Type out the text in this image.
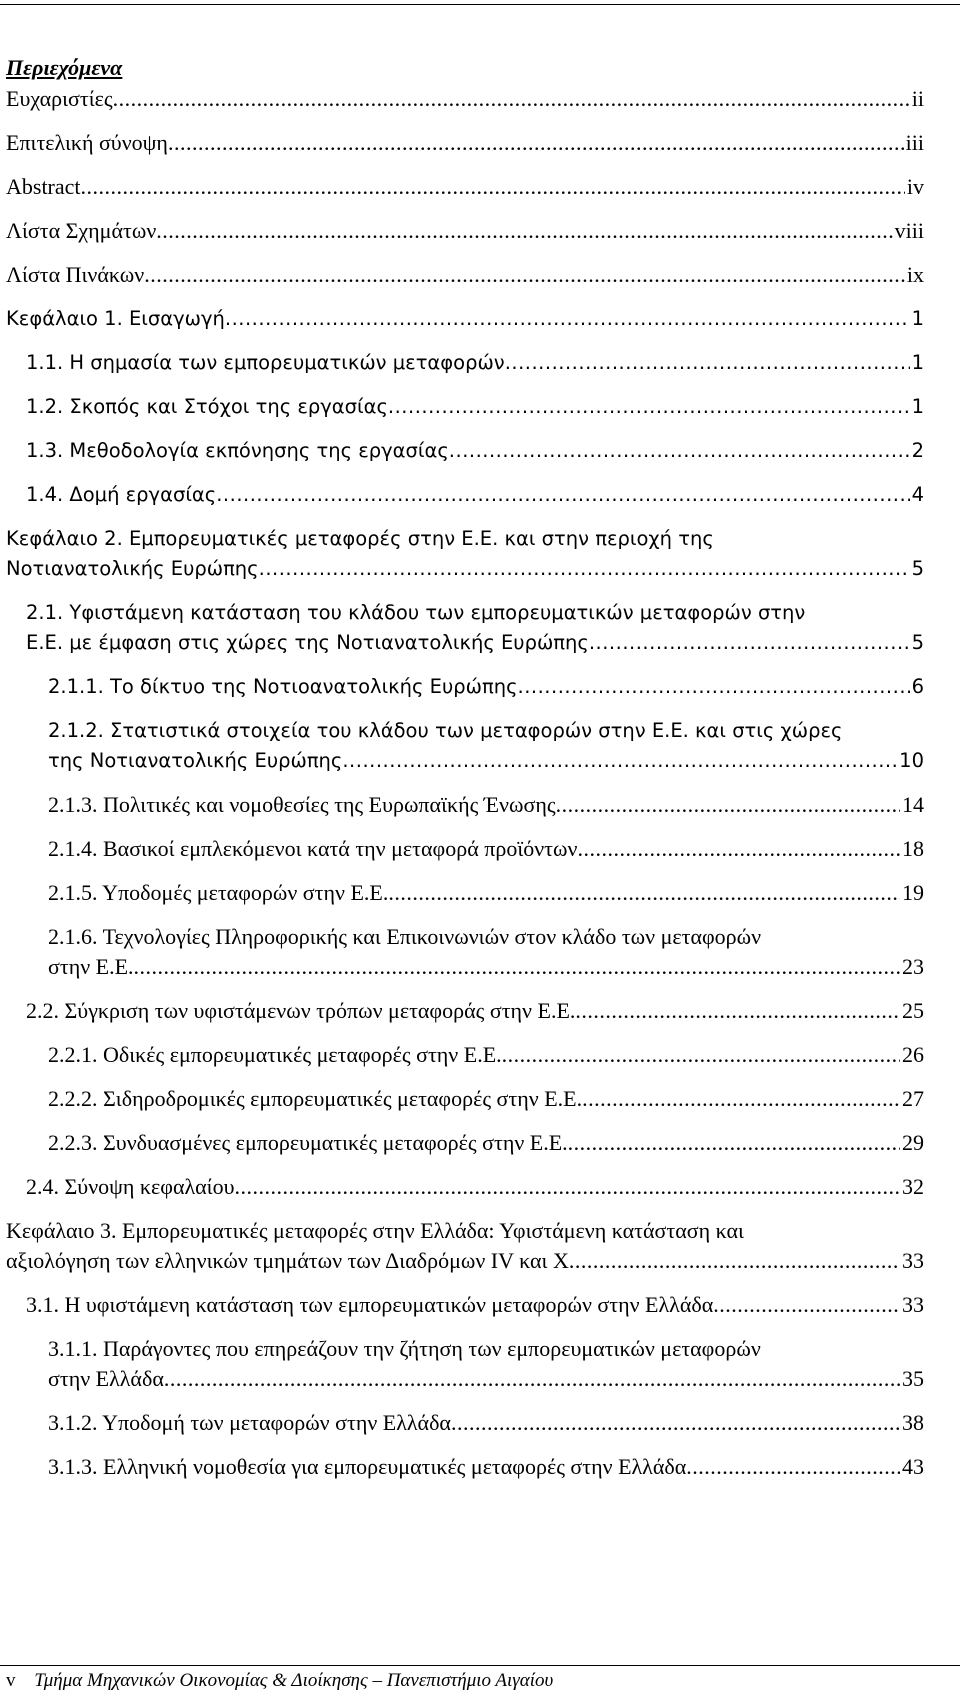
Περιεχόμενα
Ευχαριστίες .....	ii
Επιτελική σύνοψη .....	iii
Abstract .....	iv
Λίστα Σχημάτων .....	viii
Λίστα Πινάκων .....	ix
Κεφάλαιο 1. Εισαγωγή .....	1
1.1. Η σημασία των εμπορευματικών μεταφορών .....	1
1.2. Σκοπός και Στόχοι της εργασίας .....	1
1.3. Μεθοδολογία εκπόνησης της εργασίας .....	2
1.4. Δομή εργασίας .....	4
Κεφάλαιο 2. Εμπορευματικές μεταφορές στην Ε.Ε. και στην περιοχή της
Νοτιανατολικής Ευρώπης .....	5
2.1. Υφιστάμενη κατάσταση του κλάδου των εμπορευματικών μεταφορών στην
Ε.Ε. με έμφαση στις χώρες της Νοτιανατολικής Ευρώπης .....	5
2.1.1. Το δίκτυο της Νοτιοανατολικής Ευρώπης .....	6
2.1.2. Στατιστικά στοιχεία του κλάδου των μεταφορών στην Ε.Ε. και στις χώρες
της Νοτιανατολικής Ευρώπης .....	10
2.1.3. Πολιτικές και νομοθεσίες της Ευρωπαϊκής Ένωσης .....	14
2.1.4. Βασικοί εμπλεκόμενοι κατά την μεταφορά προϊόντων .....	18
2.1.5. Υποδομές μεταφορών στην Ε.Ε. .....	19
2.1.6. Τεχνολογίες Πληροφορικής και Επικοινωνιών στον κλάδο των μεταφορών
στην Ε.Ε. .....	23
2.2. Σύγκριση των υφιστάμενων τρόπων μεταφοράς στην Ε.Ε. .....	25
2.2.1. Οδικές εμπορευματικές μεταφορές στην Ε.Ε. .....	26
2.2.2. Σιδηροδρομικές εμπορευματικές μεταφορές στην Ε.Ε. .....	27
2.2.3. Συνδυασμένες εμπορευματικές μεταφορές στην Ε.Ε. .....	29
2.4. Σύνοψη κεφαλαίου .....	32
Κεφάλαιο 3. Εμπορευματικές μεταφορές στην Ελλάδα: Υφιστάμενη κατάσταση και
αξιολόγηση των ελληνικών τμημάτων των Διαδρόμων IV και X .....	33
3.1. Η υφιστάμενη κατάσταση των εμπορευματικών μεταφορών στην Ελλάδα .....	33
3.1.1. Παράγοντες που επηρεάζουν την ζήτηση των εμπορευματικών μεταφορών
στην Ελλάδα .....	35
3.1.2. Υποδομή των μεταφορών στην Ελλάδα .....	38
3.1.3. Ελληνική νομοθεσία για εμπορευματικές μεταφορές στην Ελλάδα .....	43
v Τμήμα Μηχανικών Οικονομίας & Διοίκησης – Πανεπιστήμιο Αιγαίου
